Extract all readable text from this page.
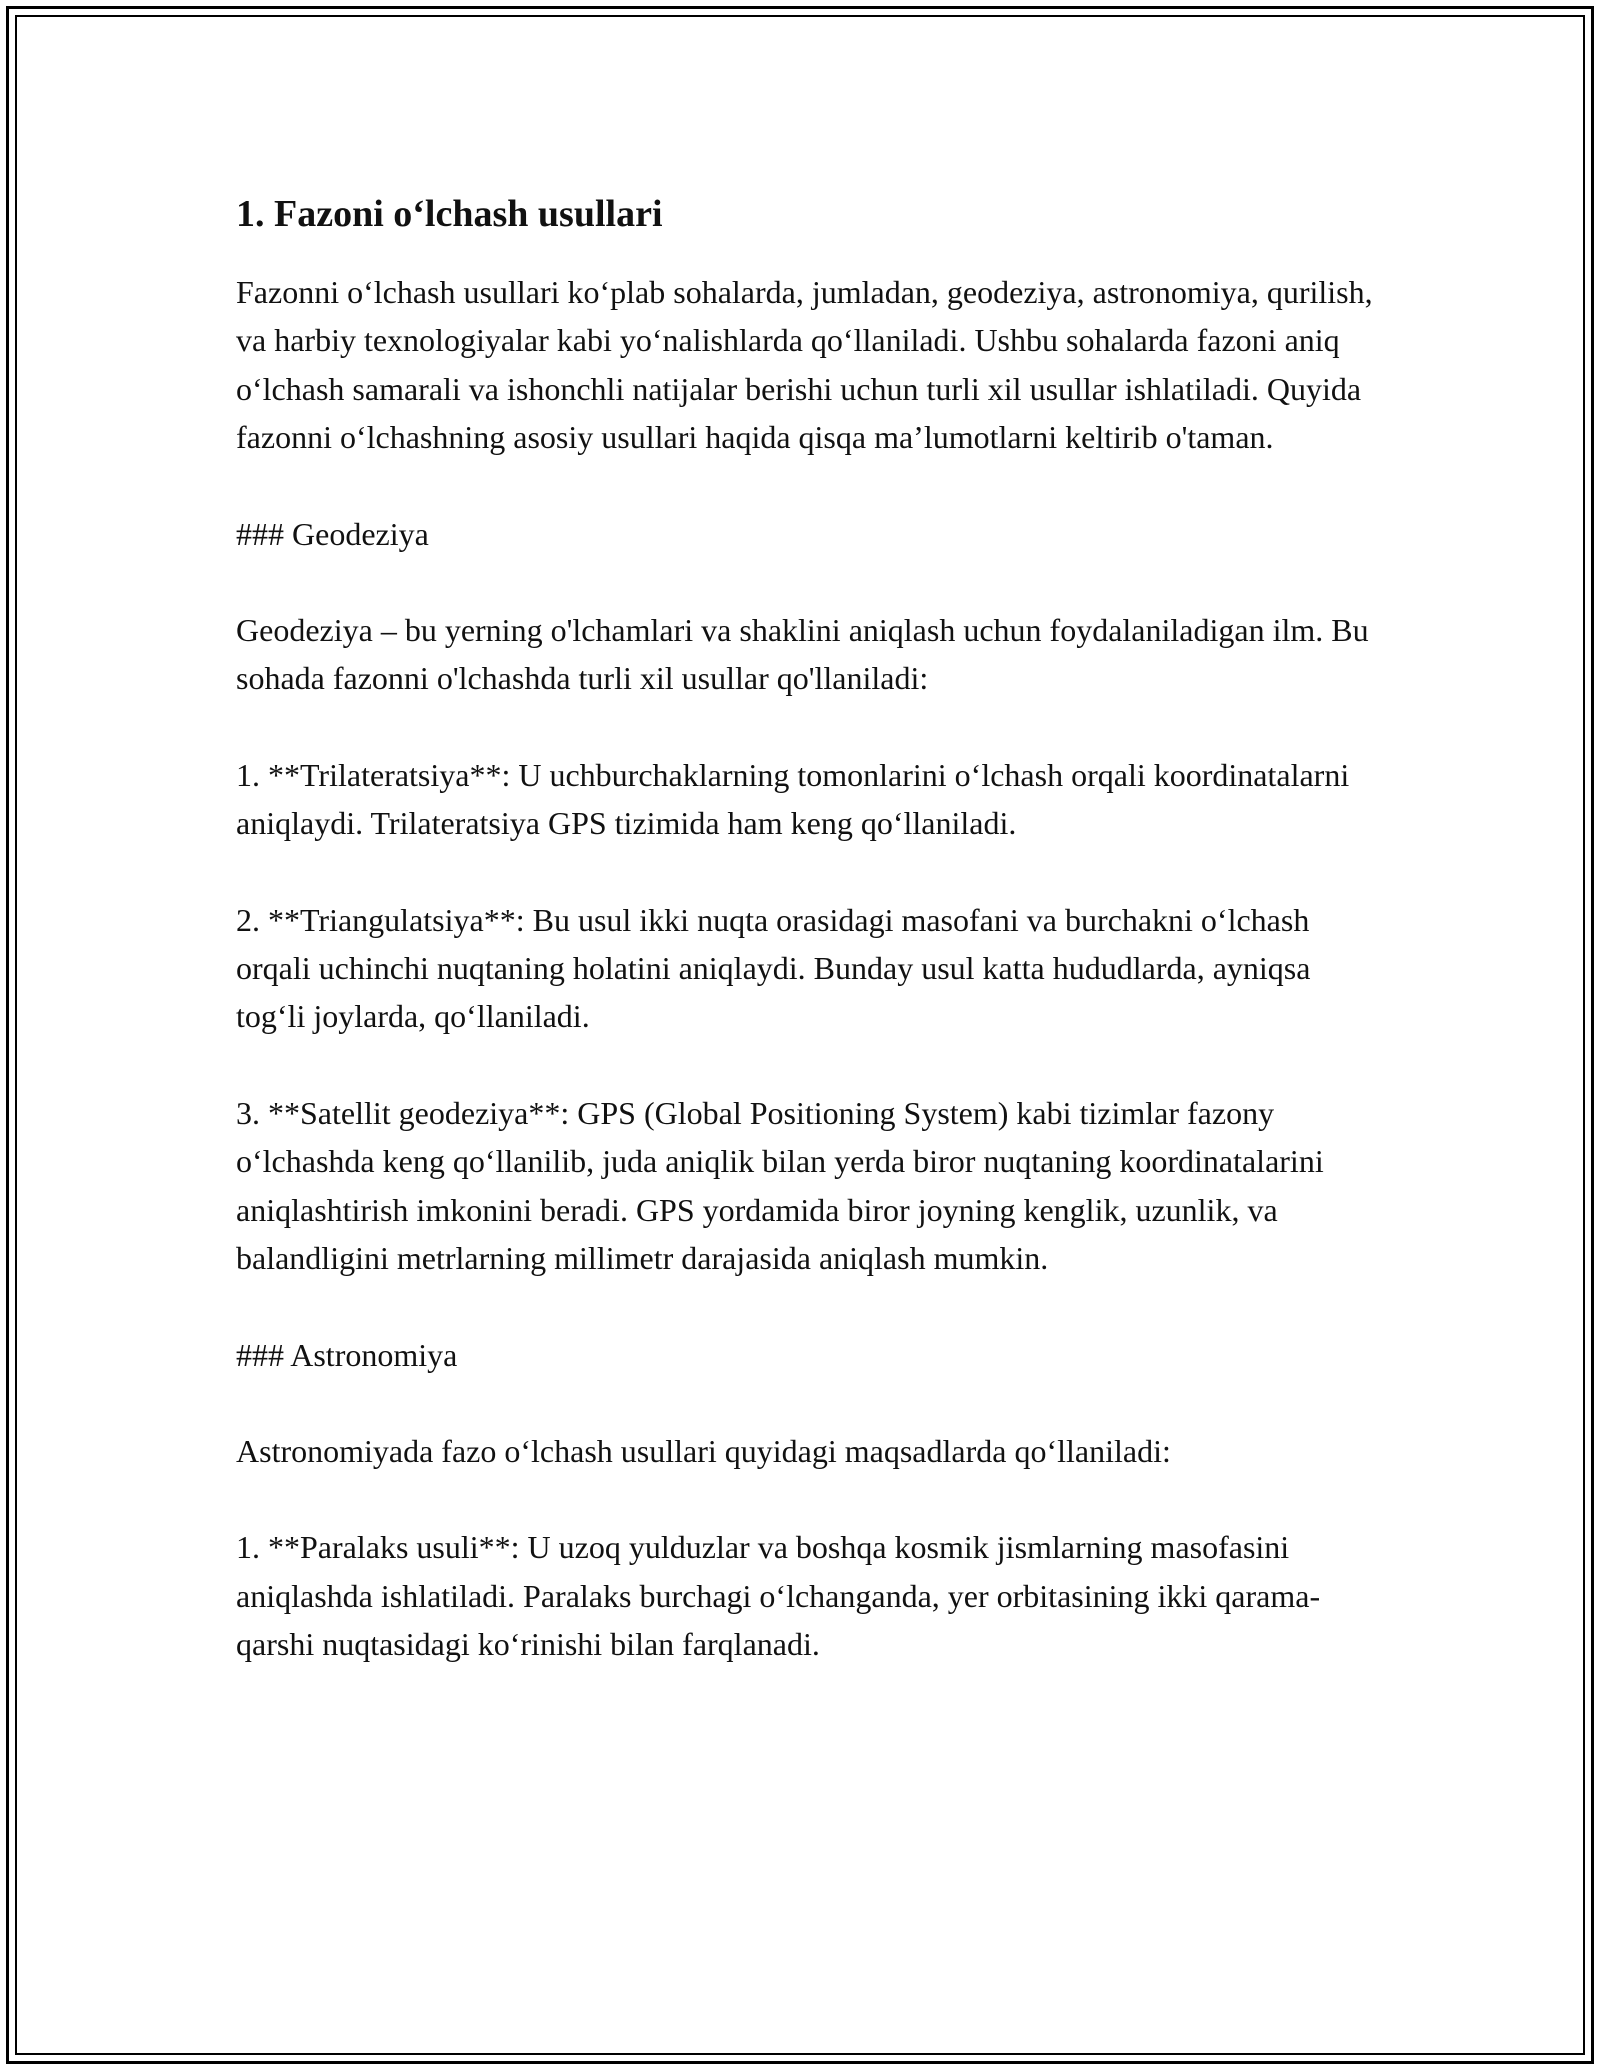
1. Fazoni o‘lchash usullari

Fazonni o‘lchash usullari ko‘plab sohalarda, jumladan, geodeziya, astronomiya, qurilish, va harbiy texnologiyalar kabi yo‘nalishlarda qo‘llaniladi. Ushbu sohalarda fazoni aniq o‘lchash samarali va ishonchli natijalar berishi uchun turli xil usullar ishlatiladi. Quyida fazonni o‘lchashning asosiy usullari haqida qisqa ma’lumotlarni keltirib o'taman.

### Geodeziya

Geodeziya – bu yerning o'lchamlari va shaklini aniqlash uchun foydalaniladigan ilm. Bu sohada fazonni o'lchashda turli xil usullar qo'llaniladi:

1. **Trilateratsiya**: U uchburchaklarning tomonlarini o‘lchash orqali koordinatalarni aniqlaydi. Trilateratsiya GPS tizimida ham keng qo‘llaniladi.

2. **Triangulatsiya**: Bu usul ikki nuqta orasidagi masofani va burchakni o‘lchash orqali uchinchi nuqtaning holatini aniqlaydi. Bunday usul katta hududlarda, ayniqsa tog‘li joylarda, qo‘llaniladi.

3. **Satellit geodeziya**: GPS (Global Positioning System) kabi tizimlar fazony o‘lchashda keng qo‘llanilib, juda aniqlik bilan yerda biror nuqtaning koordinatalarini aniqlashtirish imkonini beradi. GPS yordamida biror joyning kenglik, uzunlik, va balandligini metrlarning millimetr darajasida aniqlash mumkin.

### Astronomiya

Astronomiyada fazo o‘lchash usullari quyidagi maqsadlarda qo‘llaniladi:

1. **Paralaks usuli**: U uzoq yulduzlar va boshqa kosmik jismlarning masofasini aniqlashda ishlatiladi. Paralaks burchagi o‘lchanganda, yer orbitasining ikki qarama-qarshi nuqtasidagi ko‘rinishi bilan farqlanadi.
